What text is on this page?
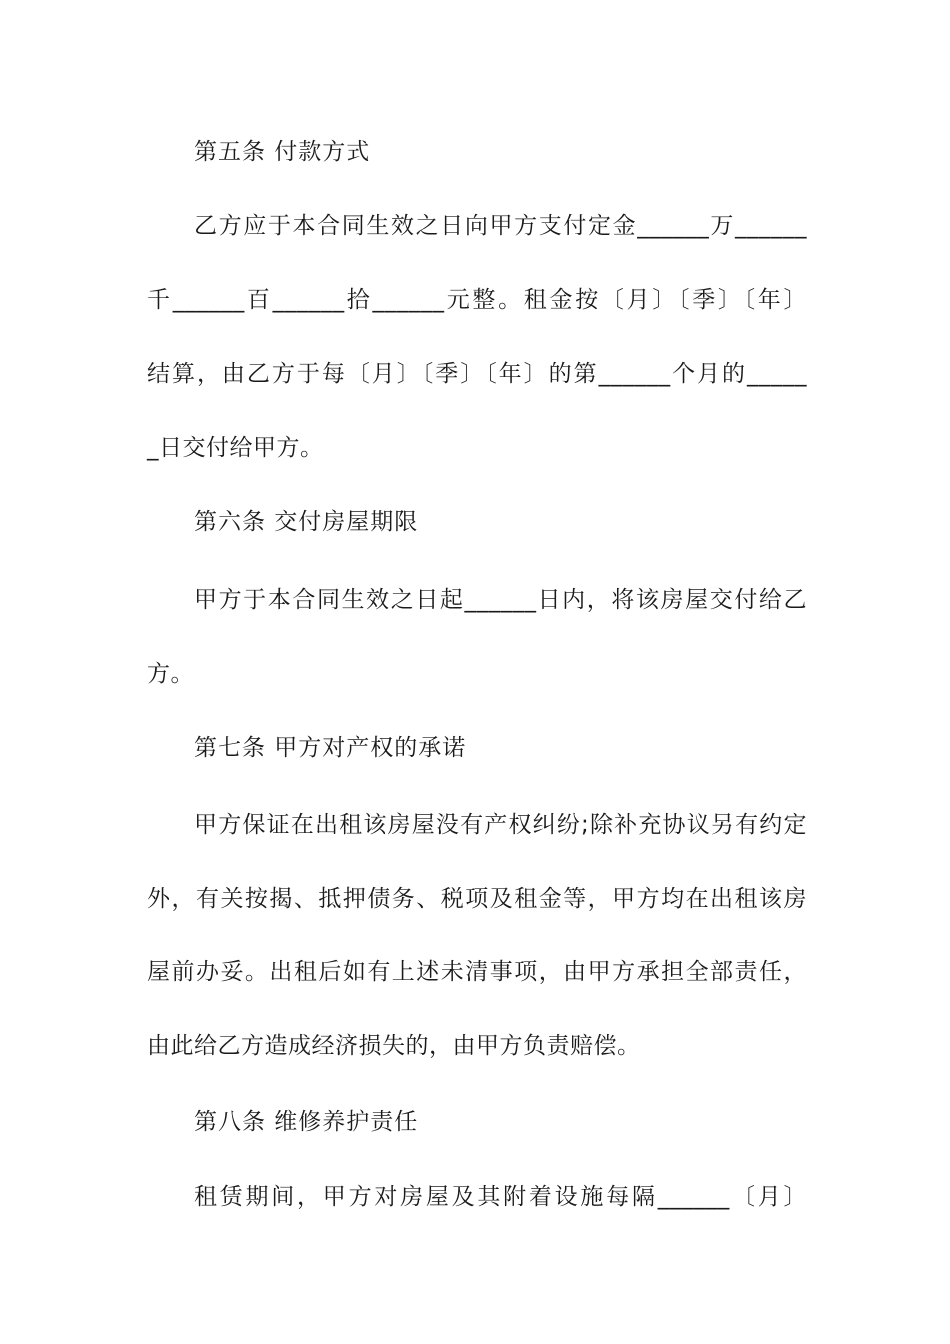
第五条 付款方式
乙方应于本合同生效之日向甲方支付定金______万______
千______百______拾______元整。租金按〔月〕〔季〕〔年〕
结算，由乙方于每〔月〕〔季〕〔年〕的第______个月的_____
_日交付给甲方。
第六条 交付房屋期限
甲方于本合同生效之日起______日内，将该房屋交付给乙
方。
第七条 甲方对产权的承诺
甲方保证在出租该房屋没有产权纠纷;除补充协议另有约定
外，有关按揭、抵押债务、税项及租金等，甲方均在出租该房
屋前办妥。出租后如有上述未清事项，由甲方承担全部责任，
由此给乙方造成经济损失的，由甲方负责赔偿。
第八条 维修养护责任
租赁期间，甲方对房屋及其附着设施每隔______〔月〕
